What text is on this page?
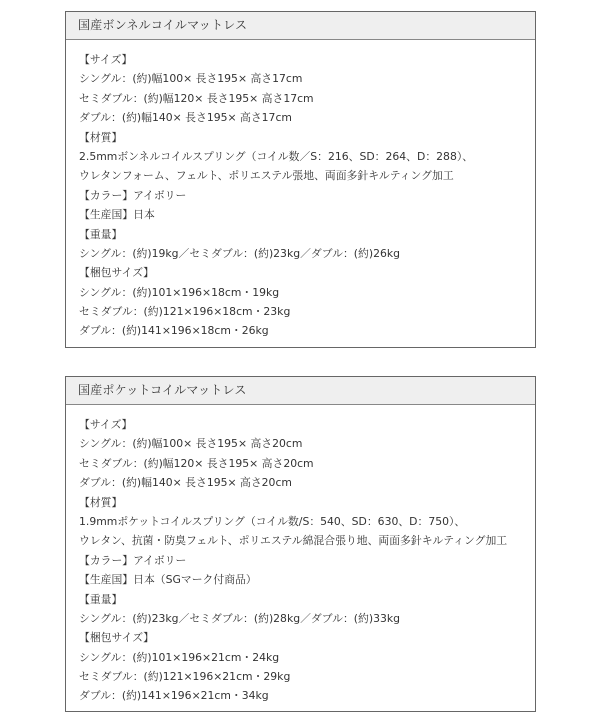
国産ボンネルコイルマットレス
【サイズ】
シングル：(約)幅100× 長さ195× 高さ17cm
セミダブル：(約)幅120× 長さ195× 高さ17cm
ダブル：(約)幅140× 長さ195× 高さ17cm
【材質】
2.5mmボンネルコイルスプリング（コイル数／S：216、SD：264、D：288）、
ウレタンフォーム、フェルト、ポリエステル張地、両面多針キルティング加工
【カラー】アイボリー
【生産国】日本
【重量】
シングル：(約)19kg／セミダブル：(約)23kg／ダブル：(約)26kg
【梱包サイズ】
シングル：(約)101×196×18cm・19kg
セミダブル：(約)121×196×18cm・23kg
ダブル：(約)141×196×18cm・26kg
国産ポケットコイルマットレス
【サイズ】
シングル：(約)幅100× 長さ195× 高さ20cm
セミダブル：(約)幅120× 長さ195× 高さ20cm
ダブル：(約)幅140× 長さ195× 高さ20cm
【材質】
1.9mmポケットコイルスプリング（コイル数/S：540、SD：630、D：750）、
ウレタン、抗菌・防臭フェルト、ポリエステル綿混合張り地、両面多針キルティング加工
【カラー】アイボリー
【生産国】日本（SGマーク付商品）
【重量】
シングル：(約)23kg／セミダブル：(約)28kg／ダブル：(約)33kg
【梱包サイズ】
シングル：(約)101×196×21cm・24kg
セミダブル：(約)121×196×21cm・29kg
ダブル：(約)141×196×21cm・34kg
